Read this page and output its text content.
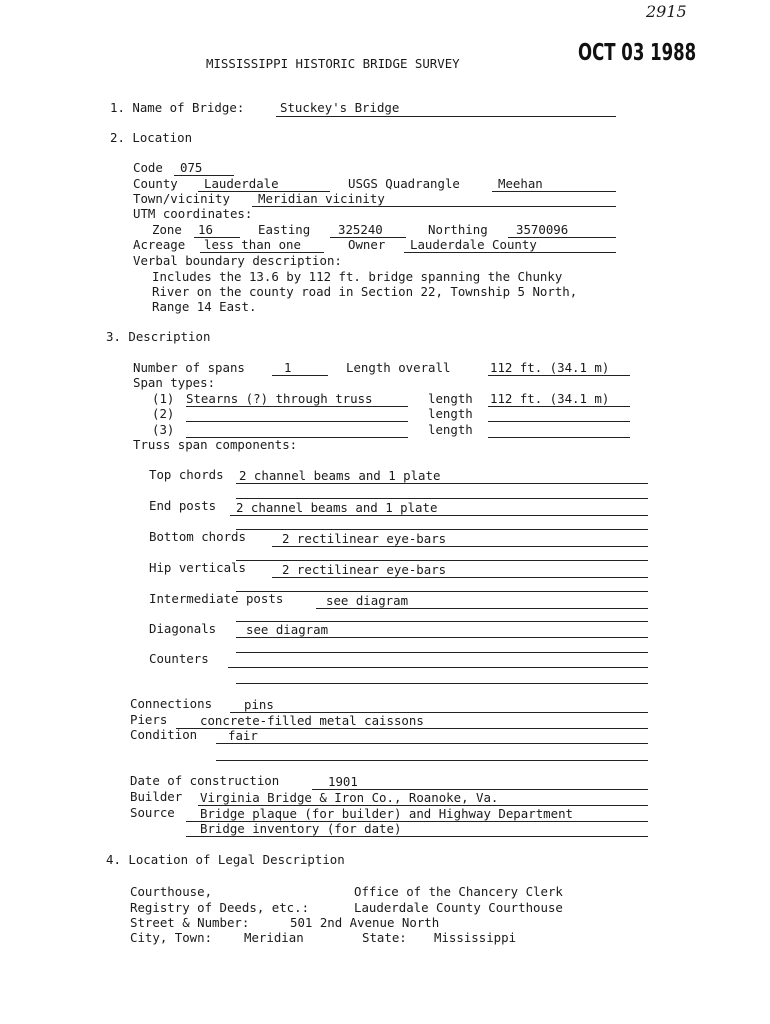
2915
MISSISSIPPI HISTORIC BRIDGE SURVEY	OCT 03 1988
1. Name of Bridge:	Stuckey's Bridge
2. Location
Code 075
County Lauderdale	USGS Quadrangle	Meehan
Town/vicinity Meridian vicinity
UTM coordinates:
Zone 16	Easting 325240	Northing 3570096
Acreage less than one	Owner Lauderdale County
Verbal boundary description:
Includes the 13.6 by 112 ft. bridge spanning the Chunky
River on the county road in Section 22, Township 5 North,
Range 14 East.
3. Description
Number of spans	1	Length overall	112 ft. (34.1 m)
Span types:
(1) Stearns (?) through truss	length 112 ft. (34.1 m)
(2)	length
(3)	length
Truss span components:
Top chords 2 channel beams and 1 plate
End posts 2 channel beams and 1 plate
Bottom chords	2 rectilinear eye-bars
Hip verticals	2 rectilinear eye-bars
Intermediate posts	see diagram
Diagonals see diagram
Counters
Connections	pins
Piers	concrete-filled metal caissons
Condition fair
Date of construction	1901
Builder Virginia Bridge & Iron Co., Roanoke, Va.
Source Bridge plaque (for builder) and Highway Department
Bridge inventory (for date)
4. Location of Legal Description
Courthouse,	Office of the Chancery Clerk
Registry of Deeds, etc.:	Lauderdale County Courthouse
Street & Number:	501 2nd Avenue North
City, Town:	Meridian	State: Mississippi
